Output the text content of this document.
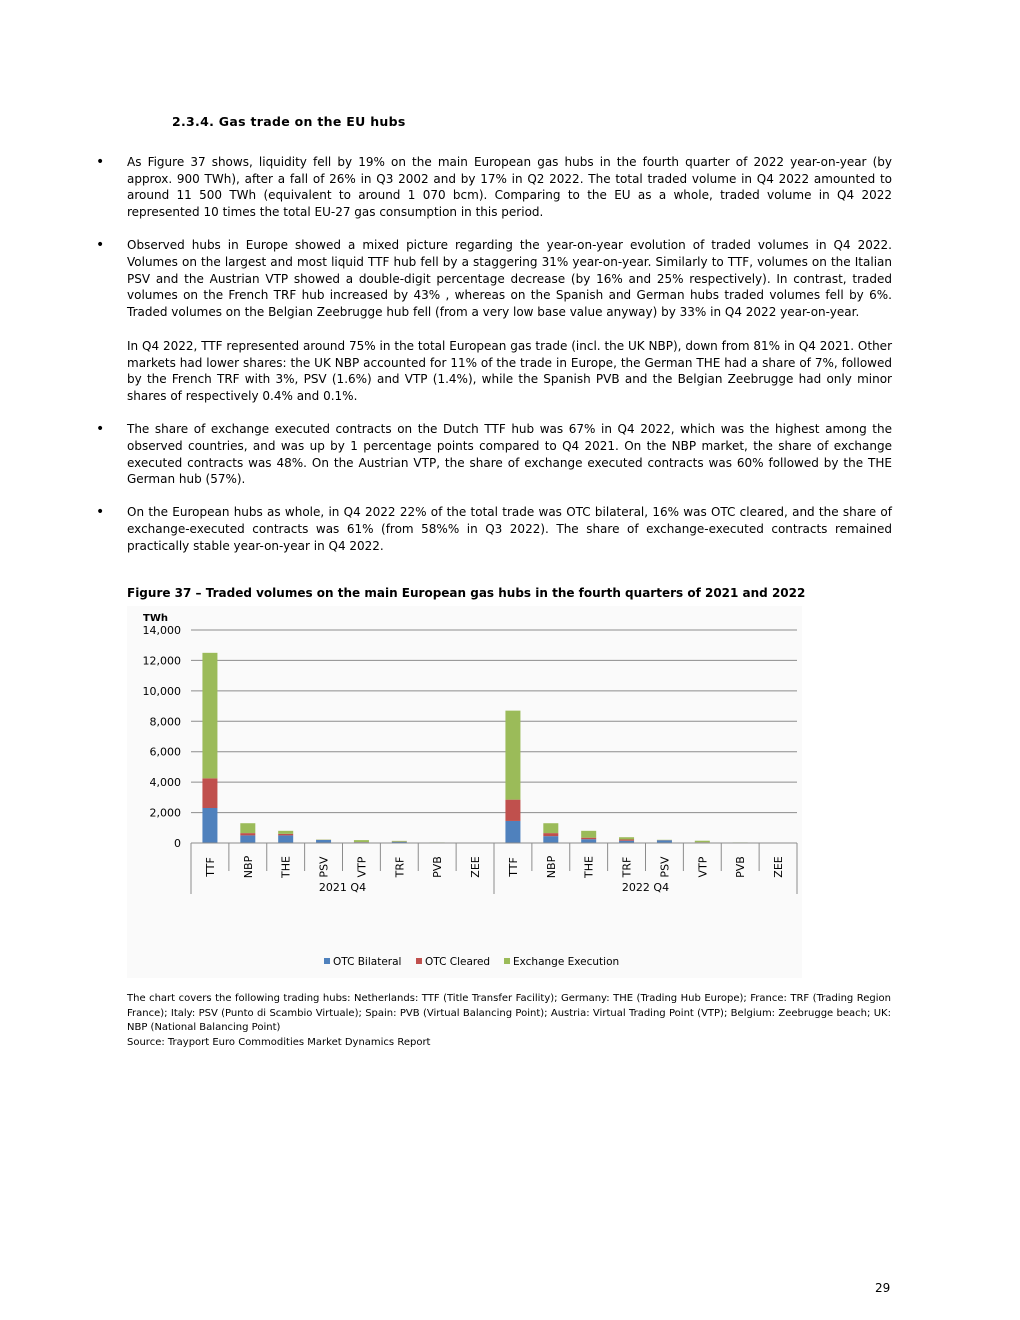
2.3.4. Gas trade on the EU hubs
• As Figure 37 shows, liquidity fell by 19% on the main European gas hubs in the fourth quarter of 2022 year-on-year (by approx. 900 TWh), after a fall of 26% in Q3 2002 and by 17% in Q2 2022. The total traded volume in Q4 2022 amounted to around 11 500 TWh (equivalent to around 1 070 bcm). Comparing to the EU as a whole, traded volume in Q4 2022 represented 10 times the total EU-27 gas consumption in this period.

• Observed hubs in Europe showed a mixed picture regarding the year-on-year evolution of traded volumes in Q4 2022. Volumes on the largest and most liquid TTF hub fell by a staggering 31% year-on-year. Similarly to TTF, volumes on the Italian PSV and the Austrian VTP showed a double-digit percentage decrease (by 16% and 25% respectively). In contrast, traded volumes on the French TRF hub increased by 43% , whereas on the Spanish and German hubs traded volumes fell by 6%. Traded volumes on the Belgian Zeebrugge hub fell (from a very low base value anyway) by 33% in Q4 2022 year-on-year.

In Q4 2022, TTF represented around 75% in the total European gas trade (incl. the UK NBP), down from 81% in Q4 2021. Other markets had lower shares: the UK NBP accounted for 11% of the trade in Europe, the German THE had a share of 7%, followed by the French TRF with 3%, PSV (1.6%) and VTP (1.4%), while the Spanish PVB and the Belgian Zeebrugge had only minor shares of respectively 0.4% and 0.1%.

• The share of exchange executed contracts on the Dutch TTF hub was 67% in Q4 2022, which was the highest among the observed countries, and was up by 1 percentage points compared to Q4 2021. On the NBP market, the share of exchange executed contracts was 48%. On the Austrian VTP, the share of exchange executed contracts was 60% followed by the THE German hub (57%).

• On the European hubs as whole, in Q4 2022 22% of the total trade was OTC bilateral, 16% was OTC cleared, and the share of exchange-executed contracts was 61% (from 58%% in Q3 2022). The share of exchange-executed contracts remained practically stable year-on-year in Q4 2022.

Figure 37 – Traded volumes on the main European gas hubs in the fourth quarters of 2021 and 2022
TWh
0
2,000
4,000
6,000
8,000
10,000
12,000
14,000
TTF NBP THE PSV VTP TRF PVB ZEE TTF NBP THE TRF PSV VTP PVB ZEE
2021 Q4	2022 Q4
OTC Bilateral OTC Cleared Exchange Execution

The chart covers the following trading hubs: Netherlands: TTF (Title Transfer Facility); Germany: THE (Trading Hub Europe); France: TRF (Trading Region France); Italy: PSV (Punto di Scambio Virtuale); Spain: PVB (Virtual Balancing Point); Austria: Virtual Trading Point (VTP); Belgium: Zeebrugge beach; UK: NBP (National Balancing Point)

Source: Trayport Euro Commodities Market Dynamics Report

29
